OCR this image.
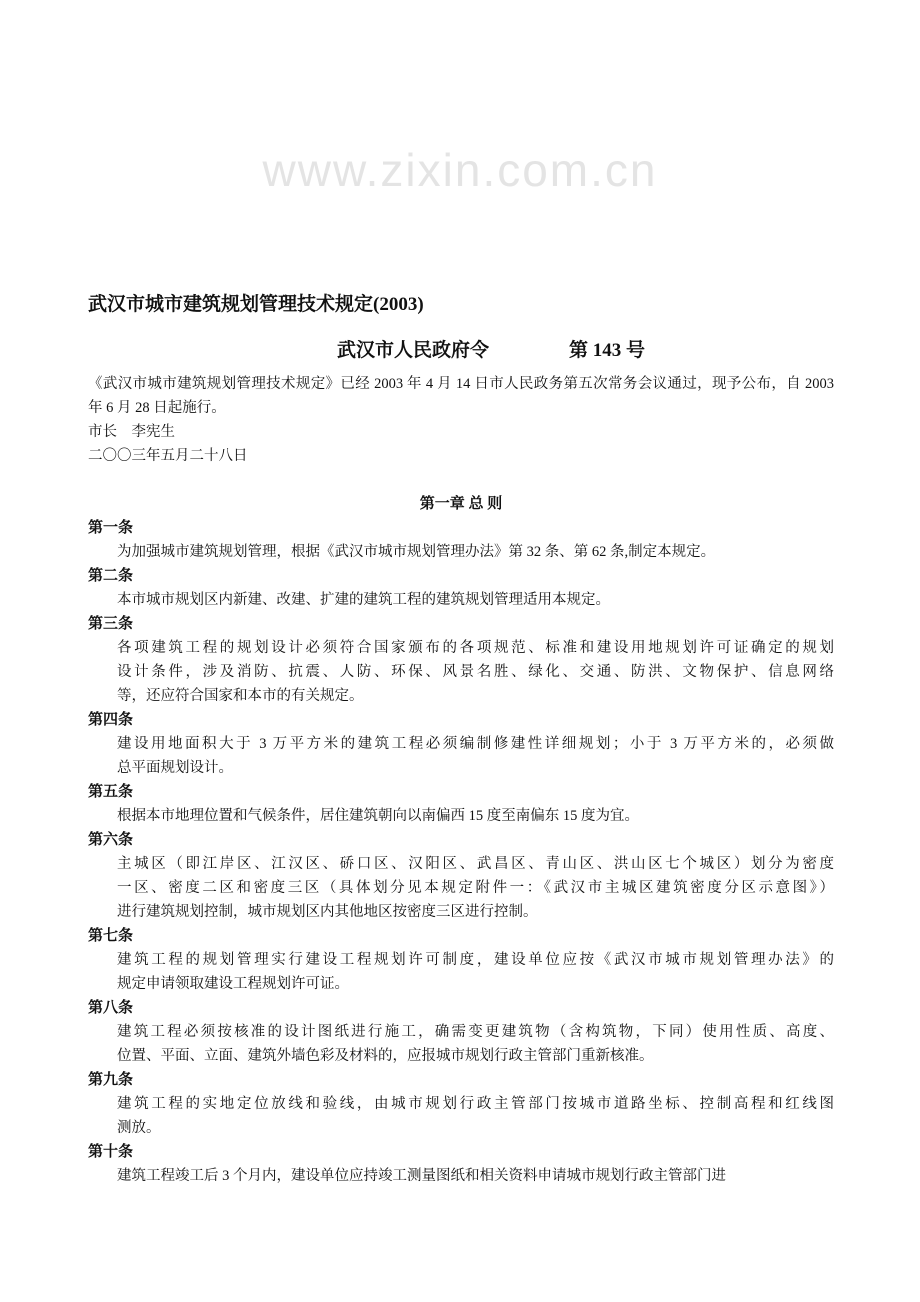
www.zixin.com.cn
武汉市城市建筑规划管理技术规定(2003)
武汉市人民政府令	第 143 号
《武汉市城市建筑规划管理技术规定》已经 2003 年 4 月 14 日市人民政务第五次常务会议通过，现予公布，自 2003
年 6 月 28 日起施行。
市长　李宪生
二〇〇三年五月二十八日
第一章 总 则
第一条
为加强城市建筑规划管理，根据《武汉市城市规划管理办法》第 32 条、第 62 条,制定本规定。
第二条
本市城市规划区内新建、改建、扩建的建筑工程的建筑规划管理适用本规定。
第三条
各项建筑工程的规划设计必须符合国家颁布的各项规范、标准和建设用地规划许可证确定的规划
设计条件，涉及消防、抗震、人防、环保、风景名胜、绿化、交通、防洪、文物保护、信息网络
等，还应符合国家和本市的有关规定。
第四条
建设用地面积大于 3 万平方米的建筑工程必须编制修建性详细规划；小于 3 万平方米的，必须做
总平面规划设计。
第五条
根据本市地理位置和气候条件，居住建筑朝向以南偏西 15 度至南偏东 15 度为宜。
第六条
主城区（即江岸区、江汉区、硚口区、汉阳区、武昌区、青山区、洪山区七个城区）划分为密度
一区、密度二区和密度三区（具体划分见本规定附件一：《武汉市主城区建筑密度分区示意图》）
进行建筑规划控制，城市规划区内其他地区按密度三区进行控制。
第七条
建筑工程的规划管理实行建设工程规划许可制度，建设单位应按《武汉市城市规划管理办法》的
规定申请领取建设工程规划许可证。
第八条
建筑工程必须按核准的设计图纸进行施工，确需变更建筑物（含构筑物，下同）使用性质、高度、
位置、平面、立面、建筑外墙色彩及材料的，应报城市规划行政主管部门重新核准。
第九条
建筑工程的实地定位放线和验线，由城市规划行政主管部门按城市道路坐标、控制高程和红线图
测放。
第十条
建筑工程竣工后 3 个月内，建设单位应持竣工测量图纸和相关资料申请城市规划行政主管部门进
